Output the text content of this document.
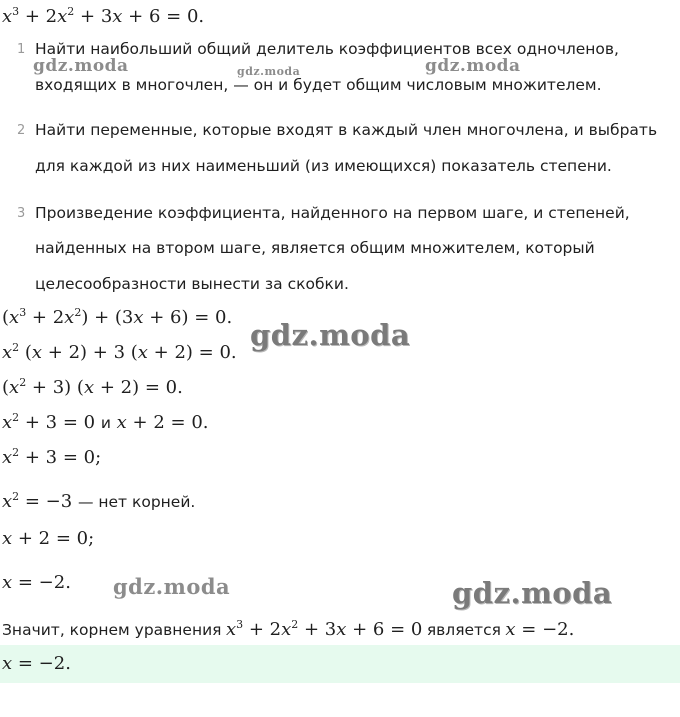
$x^3 + 2x^2 + 3x + 6 = 0$.
1 Найти наибольший общий делитель коэффициентов всех одночленов,
входящих в многочлен, — он и будет общим числовым множителем.
2 Найти переменные, которые входят в каждый член многочлена, и выбрать
для каждой из них наименьший (из имеющихся) показатель степени.
3 Произведение коэффициента, найденного на первом шаге, и степеней,
найденных на втором шаге, является общим множителем, который
целесообразности вынести за скобки.
$(x^3 + 2x^2) + (3x + 6) = 0$.
$x^2$ (x + 2) + 3 (x + 2) = 0.
$(x^2 + 3) (x + 2) = 0$.
$x^2 + 3 = 0$ и x + 2 = 0.
$x^2 + 3 = 0$;
$x^2 = -3$ — нет корней.
x + 2 = 0;
x = −2.
Значит, корнем уравнения $x^3 + 2x^2 + 3x + 6 = 0$ является x = −2.
x = −2.
gdz.moda	gdz.moda	gdz.moda
gdz.moda
gdz.moda	gdz.moda
